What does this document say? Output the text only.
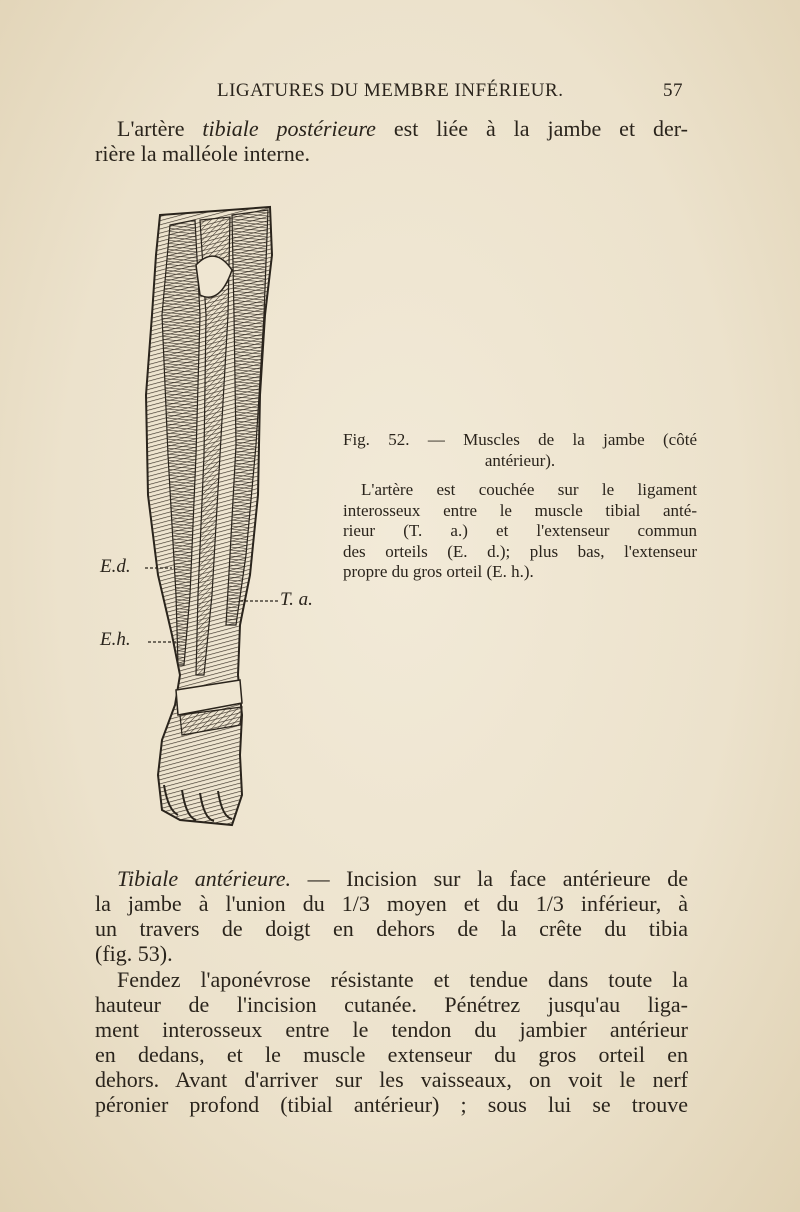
LIGATURES DU MEMBRE INFÉRIEUR.	57
L'artère tibiale postérieure est liée à la jambe et der-
rière la malléole interne.
E.d.
E.h.
T. a.
Fig. 52. — Muscles de la jambe (côté
antérieur).
L'artère est couchée sur le ligament
interosseux entre le muscle tibial anté-
rieur (T. a.) et l'extenseur commun
des orteils (E. d.); plus bas, l'extenseur
propre du gros orteil (E. h.).
Tibiale antérieure. — Incision sur la face antérieure de
la jambe à l'union du 1/3 moyen et du 1/3 inférieur, à
un travers de doigt en dehors de la crête du tibia
(fig. 53).
Fendez l'aponévrose résistante et tendue dans toute la
hauteur de l'incision cutanée. Pénétrez jusqu'au liga-
ment interosseux entre le tendon du jambier antérieur
en dedans, et le muscle extenseur du gros orteil en
dehors. Avant d'arriver sur les vaisseaux, on voit le nerf
péronier profond (tibial antérieur) ; sous lui se trouve
